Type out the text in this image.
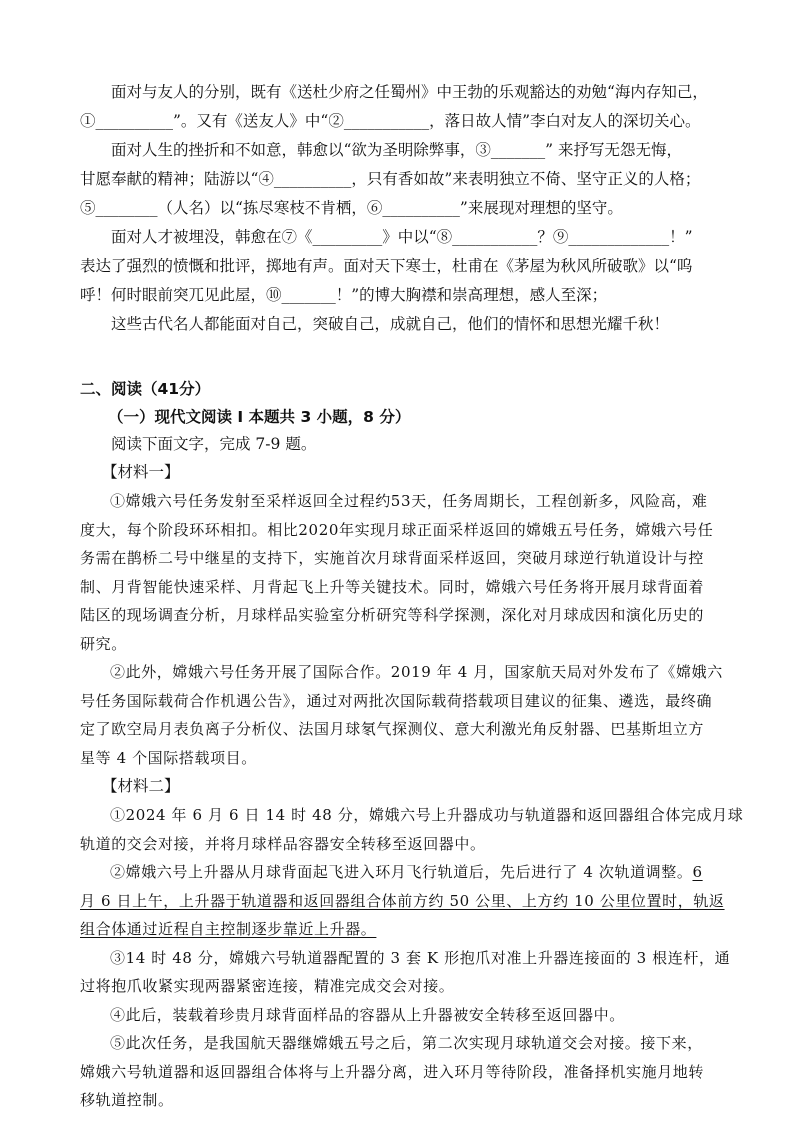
面对与友人的分别，既有《送杜少府之任蜀州》中王勃的乐观豁达的劝勉“海内存知己，
①__________”。又有《送友人》中“②___________，落日故人情”李白对友人的深切关心。

面对人生的挫折和不如意，韩愈以“欲为圣明除弊事，③_______” 来抒写无怨无悔，
甘愿奉献的精神；陆游以“④__________，只有香如故”来表明独立不倚、坚守正义的人格；
⑤________（人名）以“拣尽寒枝不肯栖，⑥__________”来展现对理想的坚守。

面对人才被埋没，韩愈在⑦《_________》中以“⑧___________？⑨_____________！”
表达了强烈的愤慨和批评，掷地有声。面对天下寒士，杜甫在《茅屋为秋风所破歌》以“呜
呼！何时眼前突兀见此屋，⑩_______！”的博大胸襟和崇高理想，感人至深；

这些古代名人都能面对自己，突破自己，成就自己，他们的情怀和思想光耀千秋！

二、阅读（41分）

（一）现代文阅读 Ⅰ 本题共 3 小题，8 分）

阅读下面文字，完成 7-9 题。

【材料一】

①嫦娥六号任务发射至采样返回全过程约53天，任务周期长，工程创新多，风险高，难
度大，每个阶段环环相扣。相比2020年实现月球正面采样返回的嫦娥五号任务，嫦娥六号任
务需在鹊桥二号中继星的支持下，实施首次月球背面采样返回，突破月球逆行轨道设计与控
制、月背智能快速采样、月背起飞上升等关键技术。同时，嫦娥六号任务将开展月球背面着
陆区的现场调查分析，月球样品实验室分析研究等科学探测，深化对月球成因和演化历史的
研究。

②此外，嫦娥六号任务开展了国际合作。2019 年 4 月，国家航天局对外发布了《嫦娥六
号任务国际载荷合作机遇公告》，通过对两批次国际载荷搭载项目建议的征集、遴选，最终确
定了欧空局月表负离子分析仪、法国月球氡气探测仪、意大利激光角反射器、巴基斯坦立方
星等 4 个国际搭载项目。

【材料二】

①2024 年 6 月 6 日 14 时 48 分，嫦娥六号上升器成功与轨道器和返回器组合体完成月球
轨道的交会对接，并将月球样品容器安全转移至返回器中。

②嫦娥六号上升器从月球背面起飞进入环月飞行轨道后，先后进行了 4 次轨道调整。6
月 6 日上午，上升器于轨道器和返回器组合体前方约 50 公里、上方约 10 公里位置时，轨返
组合体通过近程自主控制逐步靠近上升器。

③14 时 48 分，嫦娥六号轨道器配置的 3 套 K 形抱爪对准上升器连接面的 3 根连杆，通
过将抱爪收紧实现两器紧密连接，精准完成交会对接。

④此后，装载着珍贵月球背面样品的容器从上升器被安全转移至返回器中。

⑤此次任务，是我国航天器继嫦娥五号之后，第二次实现月球轨道交会对接。接下来，
嫦娥六号轨道器和返回器组合体将与上升器分离，进入环月等待阶段，准备择机实施月地转
移轨道控制。
